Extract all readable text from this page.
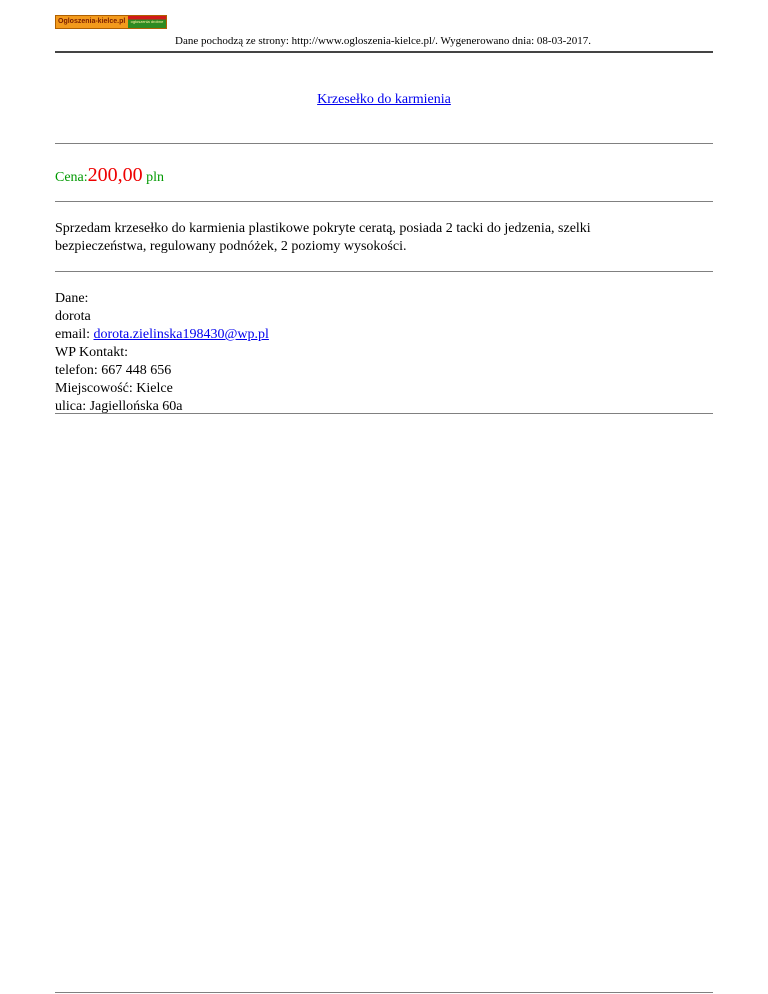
Ogloszenia-kielce.pl	ogłoszenia drobne
Dane pochodzą ze strony: http://www.ogloszenia-kielce.pl/. Wygenerowano dnia: 08-03-2017.
Krzesełko do karmienia
Cena:200,00 pln
Sprzedam krzesełko do karmienia plastikowe pokryte ceratą, posiada 2 tacki do jedzenia, szelki bezpieczeństwa, regulowany podnóżek, 2 poziomy wysokości.
Dane:
dorota
email: dorota.zielinska198430@wp.pl
WP Kontakt:
telefon: 667 448 656
Miejscowość: Kielce
ulica: Jagiellońska 60a
